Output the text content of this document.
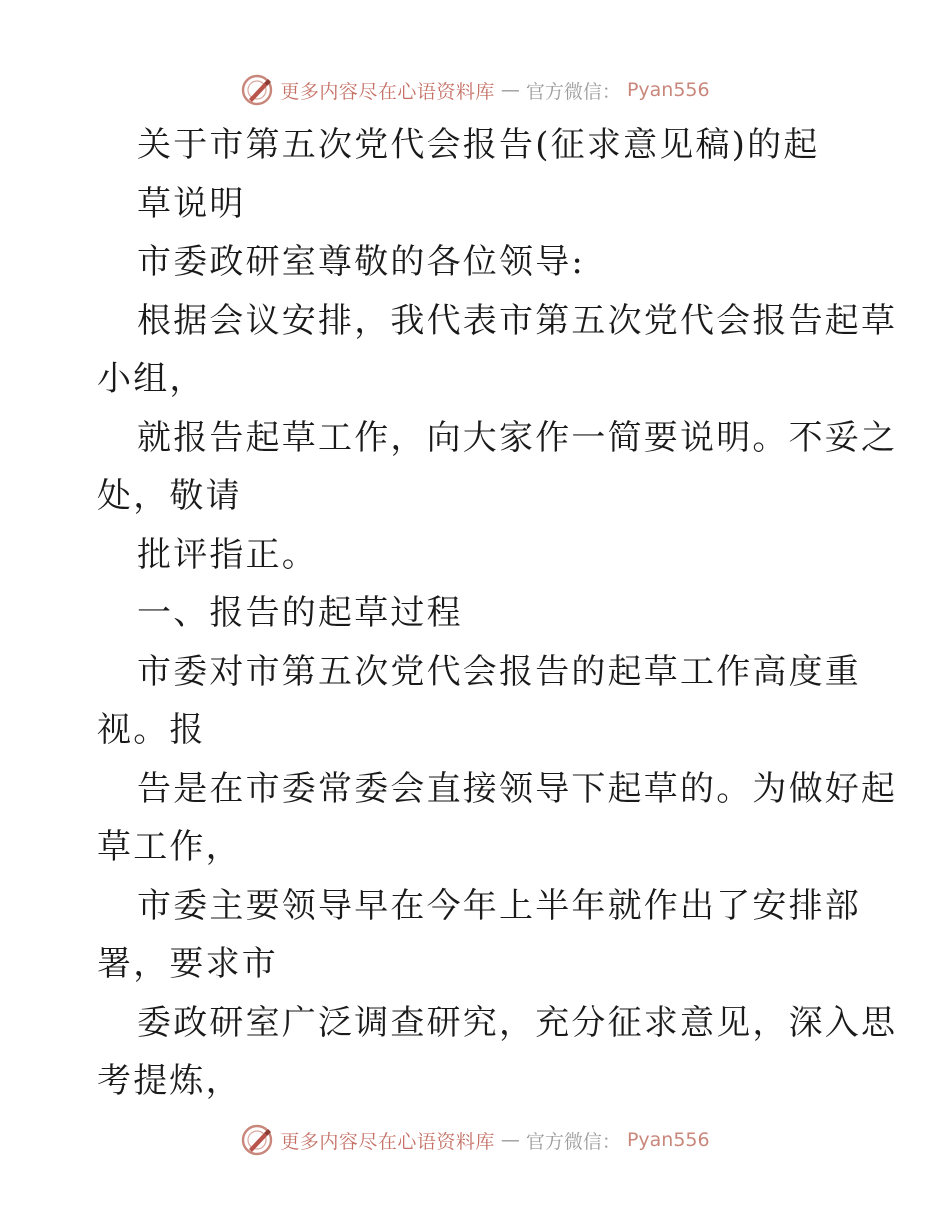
更多内容尽在心语资料库 — 官方微信： Pyan556
关于市第五次党代会报告(征求意见稿)的起
草说明
市委政研室尊敬的各位领导:
根据会议安排，我代表市第五次党代会报告起草
小组，
就报告起草工作，向大家作一简要说明。不妥之
处，敬请
批评指正。
一、报告的起草过程
市委对市第五次党代会报告的起草工作高度重
视。报
告是在市委常委会直接领导下起草的。为做好起
草工作，
市委主要领导早在今年上半年就作出了安排部
署，要求市
委政研室广泛调查研究，充分征求意见，深入思
考提炼，
更多内容尽在心语资料库 — 官方微信： Pyan556
